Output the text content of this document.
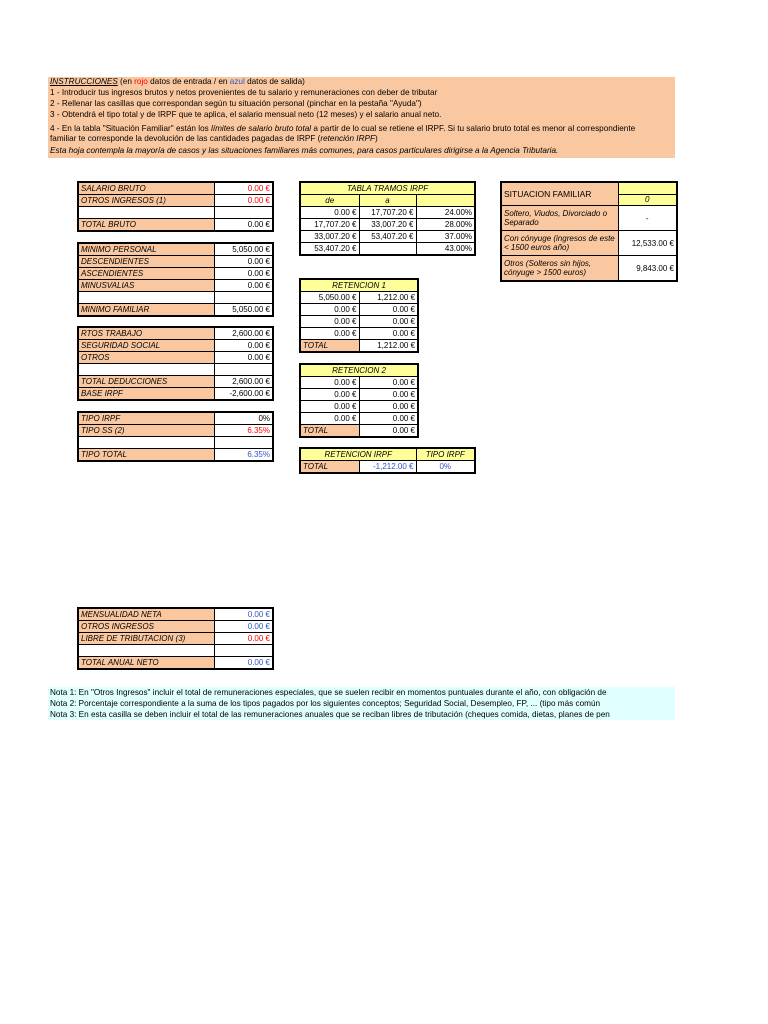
INSTRUCCIONES (en rojo datos de entrada / en azul datos de salida)
1 - Introducir tus ingresos brutos y netos provenientes de tu salario y remuneraciones con deber de tributar
2 - Rellenar las casillas que correspondan según tu situación personal (pinchar en la pestaña "Ayuda")
3 - Obtendrá el tipo total y de IRPF que te aplica, el salario mensual neto (12 meses) y el salario anual neto.
4 - En la tabla "Situación Familiar" están los límites de salario bruto total a partir de lo cual se retiene el IRPF. Si tu salario bruto total es menor al correspondiente
familiar te corresponde la devolución de las cantidades pagadas de IRPF (retención IRPF)
Esta hoja contempla la mayoría de casos y las situaciones familiares más comunes, para casos particulares dirigirse a la Agencia Tributaria.
SALARIO BRUTO	0.00 €
OTROS INGRESOS (1)	0.00 €

TOTAL BRUTO	0.00 €
MINIMO PERSONAL	5,050.00 €
DESCENDIENTES	0.00 €
ASCENDIENTES	0.00 €
MINUSVALIAS	0.00 €

MINIMO FAMILIAR	5,050.00 €
RTOS TRABAJO	2,600.00 €
SEGURIDAD SOCIAL	0.00 €
OTROS	0.00 €

TOTAL DEDUCCIONES	2,600.00 €
BASE IRPF	-2,600.00 €
TIPO IRPF	0%
TIPO SS (2)	6.35%

TIPO TOTAL	6.35%
TABLA TRAMOS IRPF		
de	a	
0.00 €	17,707.20 €	24.00%
17,707.20 €	33,007.20 €	28.00%
33,007.20 €	53,407.20 €	37.00%
53,407.20 €		43.00%
RETENCION 1	
5,050.00 €	1,212.00 €
0.00 €	0.00 €
0.00 €	0.00 €
0.00 €	0.00 €
TOTAL	1,212.00 €
RETENCION 2	
0.00 €	0.00 €
0.00 €	0.00 €
0.00 €	0.00 €
0.00 €	0.00 €
TOTAL	0.00 €
RETENCION IRPF		TIPO IRPF
TOTAL	-1,212.00 €	0%
SITUACION FAMILIAR	
	0
Soltero, Viudos, Divorciado o Separado	-
Con cónyuge (ingresos de este < 1500 euros año)	12,533.00 €
Otros (Solteros sin hijos, cónyuge > 1500 euros)	9,843.00 €
MENSUALIDAD NETA	0.00 €
OTROS INGRESOS	0.00 €
LIBRE DE TRIBUTACION (3)	0.00 €

TOTAL ANUAL NETO	0.00 €
Nota 1: En "Otros Ingresos" incluir el total de remuneraciones especiales, que se suelen recibir en momentos puntuales durante el año, con obligación de
Nota 2: Porcentaje correspondiente a la suma de los tipos pagados por los siguientes conceptos; Seguridad Social, Desempleo, FP, ... (tipo más común
Nota 3: En esta casilla se deben incluir el total de las remuneraciones anuales que se reciban libres de tributación (cheques comida, dietas, planes de pen
